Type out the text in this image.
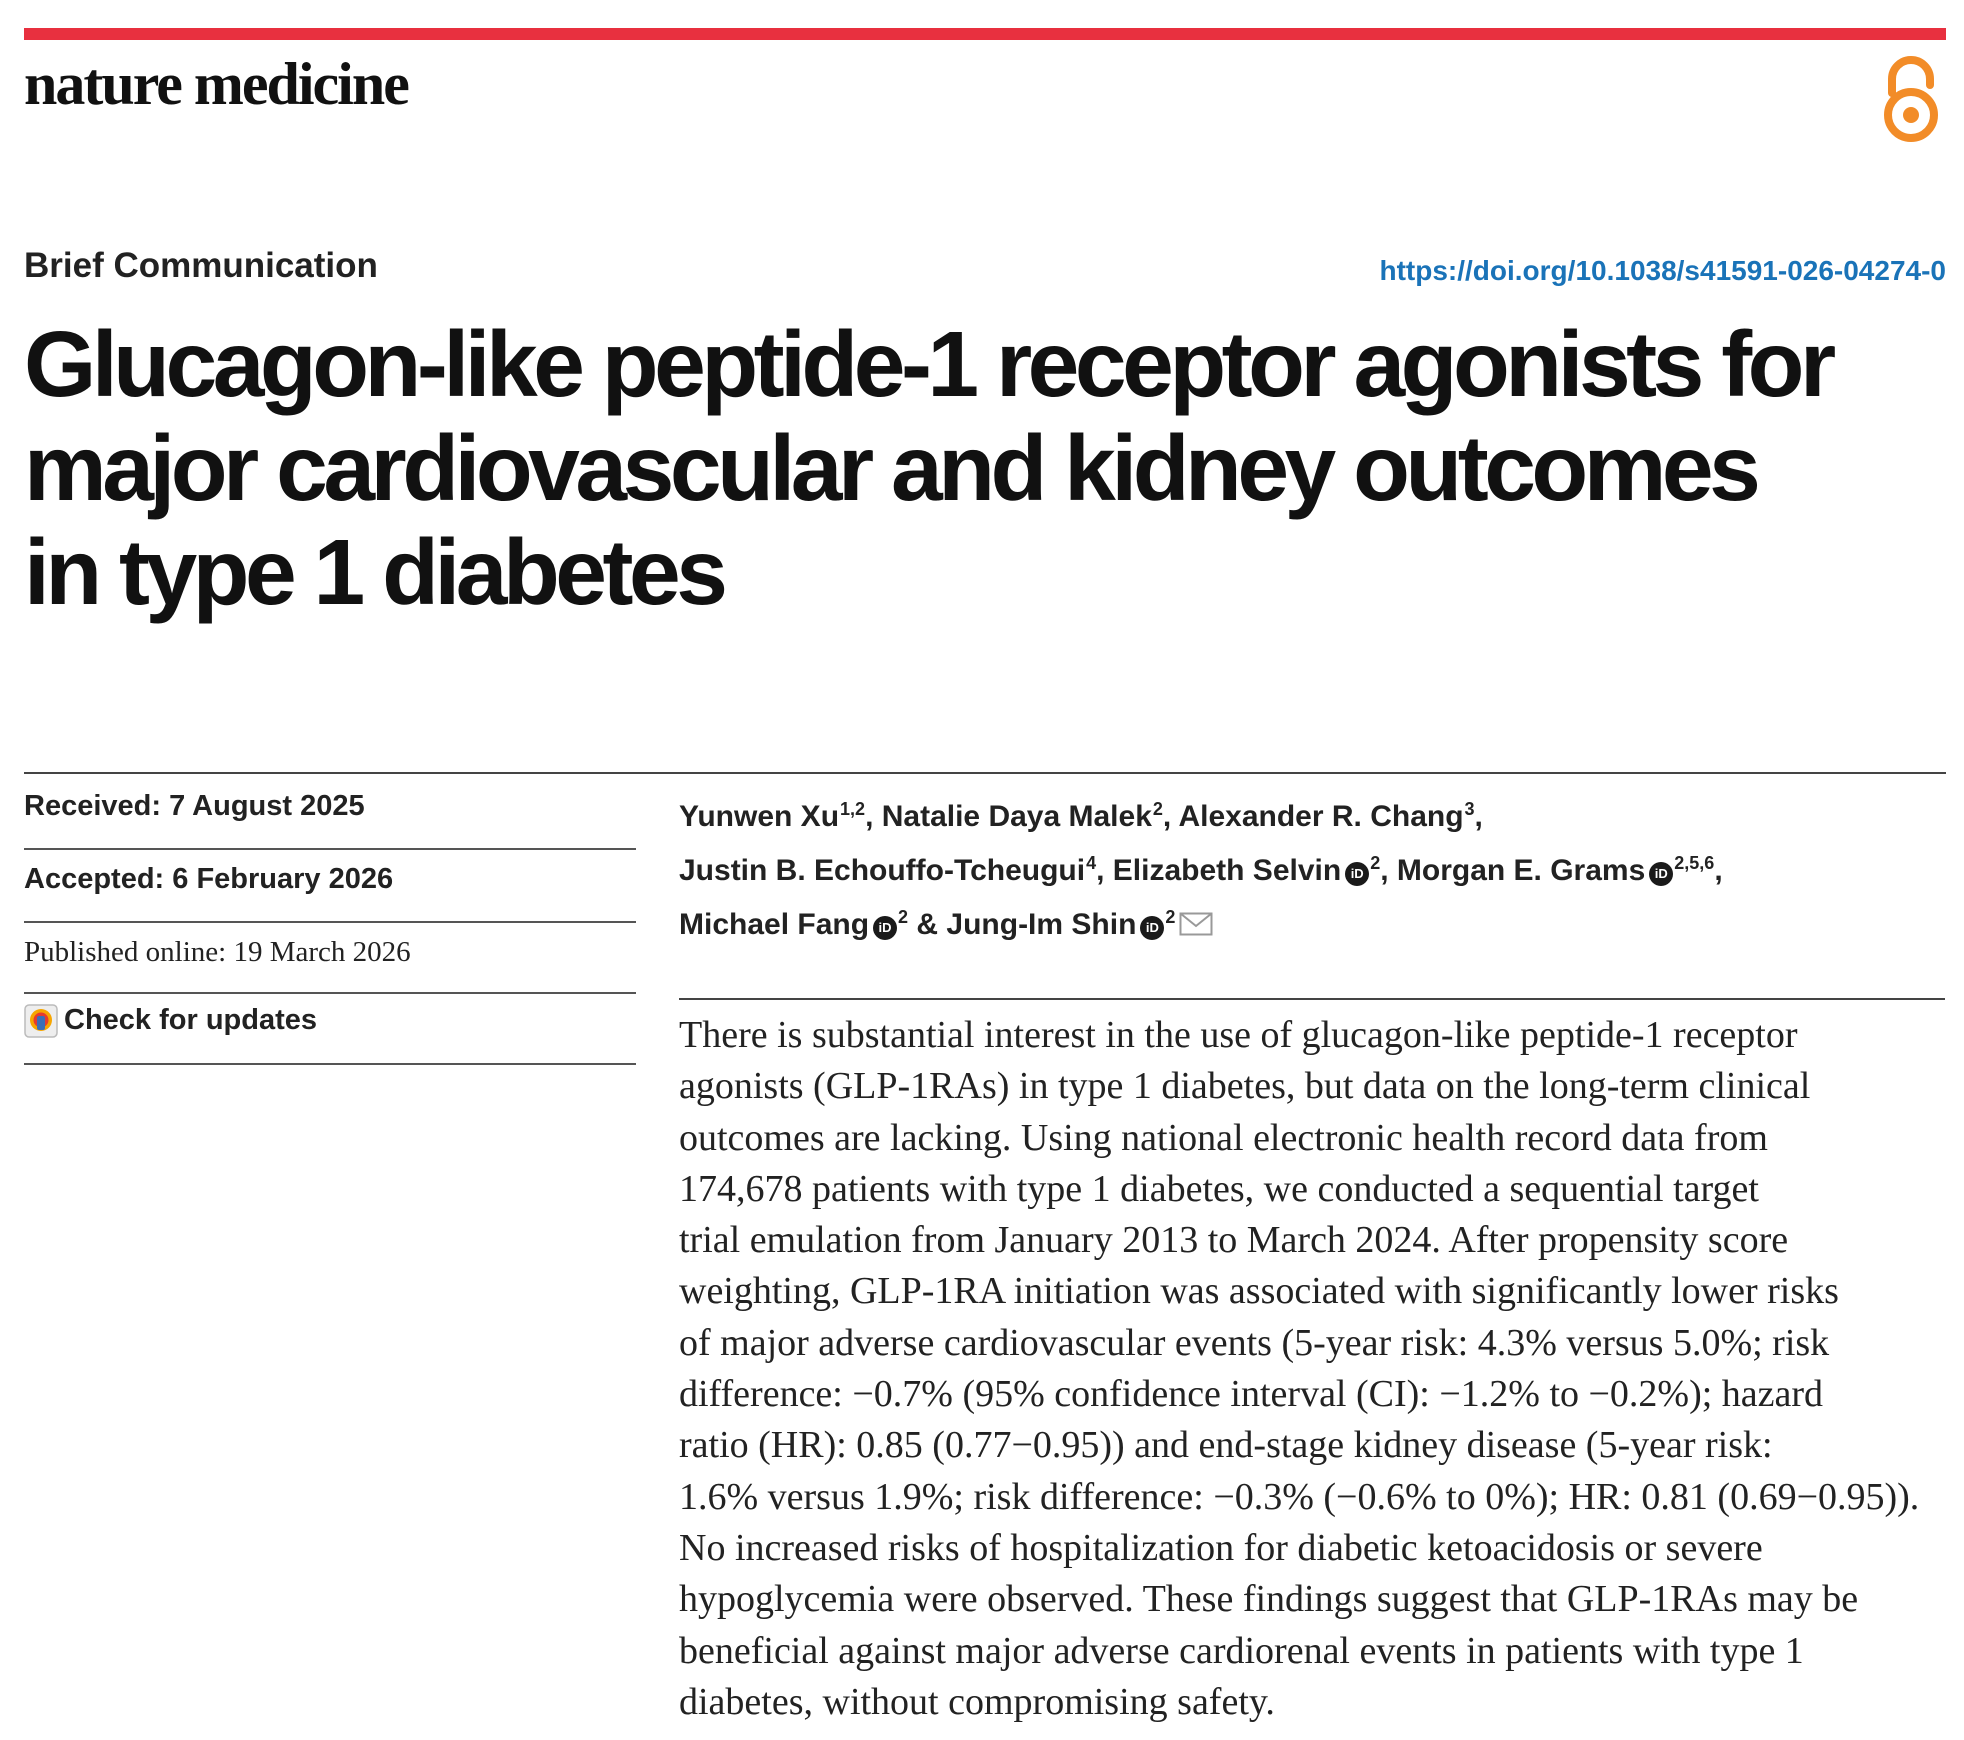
nature medicine
Brief Communication	https://doi.org/10.1038/s41591-026-04274-0
Glucagon-like peptide-1 receptor agonists for
major cardiovascular and kidney outcomes
in type 1 diabetes
Received: 7 August 2025
Accepted: 6 February 2026
Published online: 19 March 2026
Check for updates
Yunwen Xu$^{1,2}$, Natalie Daya Malek$^2$, Alexander R. Chang$^3$,
Justin B. Echouffo-Tcheugui$^4$, Elizabeth Selvin $iD^2$, Morgan E. Grams iD$^{2,5,6}$,
Michael Fang $iD^2$ & Jung-Im Shin $iD^2$
There is substantial interest in the use of glucagon-like peptide-1 receptor
agonists (GLP-1RAs) in type 1 diabetes, but data on the long-term clinical
outcomes are lacking. Using national electronic health record data from
174,678 patients with type 1 diabetes, we conducted a sequential target
trial emulation from January 2013 to March 2024. After propensity score
weighting, GLP-1RA initiation was associated with significantly lower risks
of major adverse cardiovascular events (5-year risk: 4.3% versus 5.0%; risk
difference: −0.7% (95% confidence interval (CI): −1.2% to −0.2%); hazard
ratio (HR): 0.85 (0.77−0.95)) and end-stage kidney disease (5-year risk:
1.6% versus 1.9%; risk difference: −0.3% (−0.6% to 0%); HR: 0.81 (0.69−0.95)).
No increased risks of hospitalization for diabetic ketoacidosis or severe
hypoglycemia were observed. These findings suggest that GLP-1RAs may be
beneficial against major adverse cardiorenal events in patients with type 1
diabetes, without compromising safety.
